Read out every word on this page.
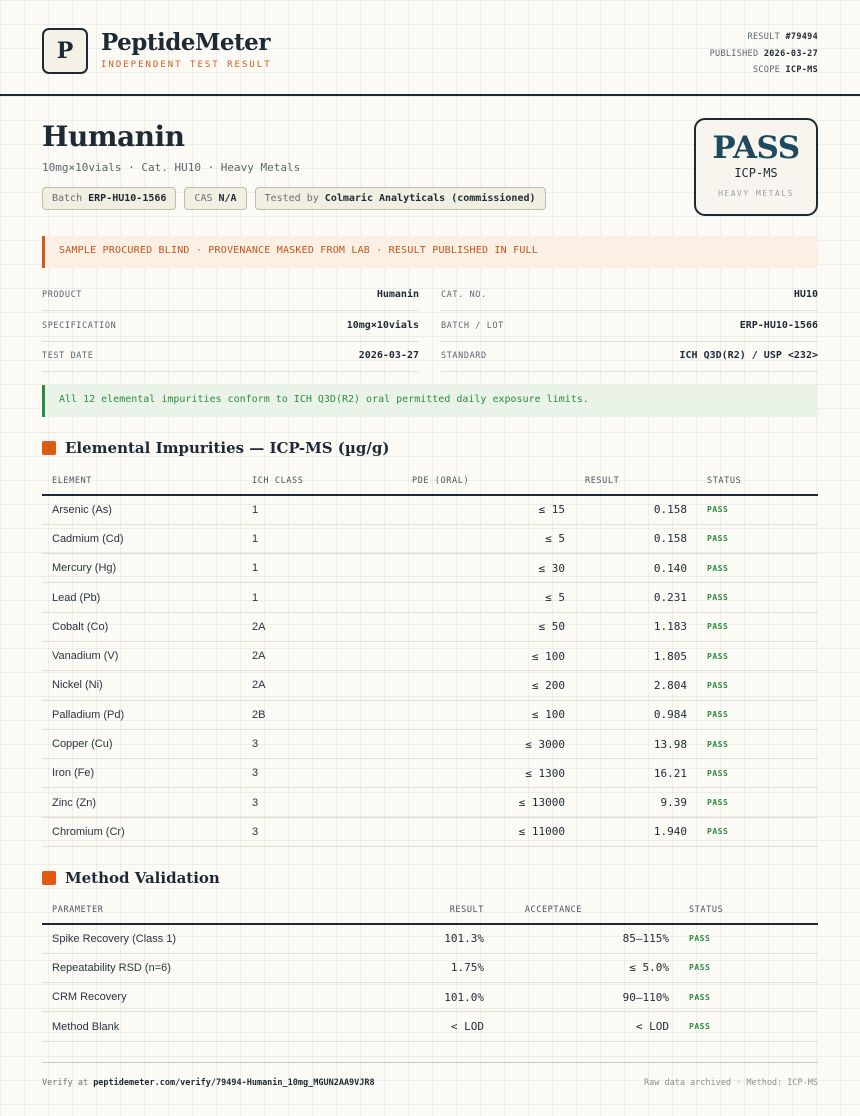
P	PeptideMeter
INDEPENDENT TEST RESULT
RESULT #79494
PUBLISHED 2026-03-27
SCOPE ICP-MS
Humanin
10mg×10vials · Cat. HU10 · Heavy Metals
Batch ERP-HU10-1566	CAS N/A	Tested by Colmaric Analyticals (commissioned)
PASS
ICP-MS
HEAVY METALS
SAMPLE PROCURED BLIND · PROVENANCE MASKED FROM LAB · RESULT PUBLISHED IN FULL
PRODUCT	Humanin	CAT. NO.	HU10
SPECIFICATION	10mg×10vials	BATCH / LOT	ERP-HU10-1566
TEST DATE	2026-03-27	STANDARD	ICH Q3D(R2) / USP <232>
All 12 elemental impurities conform to ICH Q3D(R2) oral permitted daily exposure limits.
Elemental Impurities — ICP-MS (µg/g)
ELEMENT	ICH CLASS	PDE (ORAL)	RESULT	STATUS
Arsenic (As)	1	≤ 15	0.158	PASS
Cadmium (Cd)	1	≤ 5	0.158	PASS
Mercury (Hg)	1	≤ 30	0.140	PASS
Lead (Pb)	1	≤ 5	0.231	PASS
Cobalt (Co)	2A	≤ 50	1.183	PASS
Vanadium (V)	2A	≤ 100	1.805	PASS
Nickel (Ni)	2A	≤ 200	2.804	PASS
Palladium (Pd)	2B	≤ 100	0.984	PASS
Copper (Cu)	3	≤ 3000	13.98	PASS
Iron (Fe)	3	≤ 1300	16.21	PASS
Zinc (Zn)	3	≤ 13000	9.39	PASS
Chromium (Cr)	3	≤ 11000	1.940	PASS
Method Validation
PARAMETER	RESULT	ACCEPTANCE	STATUS
Spike Recovery (Class 1)	101.3%	85–115%	PASS
Repeatability RSD (n=6)	1.75%	≤ 5.0%	PASS
CRM Recovery	101.0%	90–110%	PASS
Method Blank	< LOD	< LOD	PASS
Verify at peptidemeter.com/verify/79494-Humanin_10mg_MGUN2AA9VJR8	Raw data archived · Method: ICP-MS
